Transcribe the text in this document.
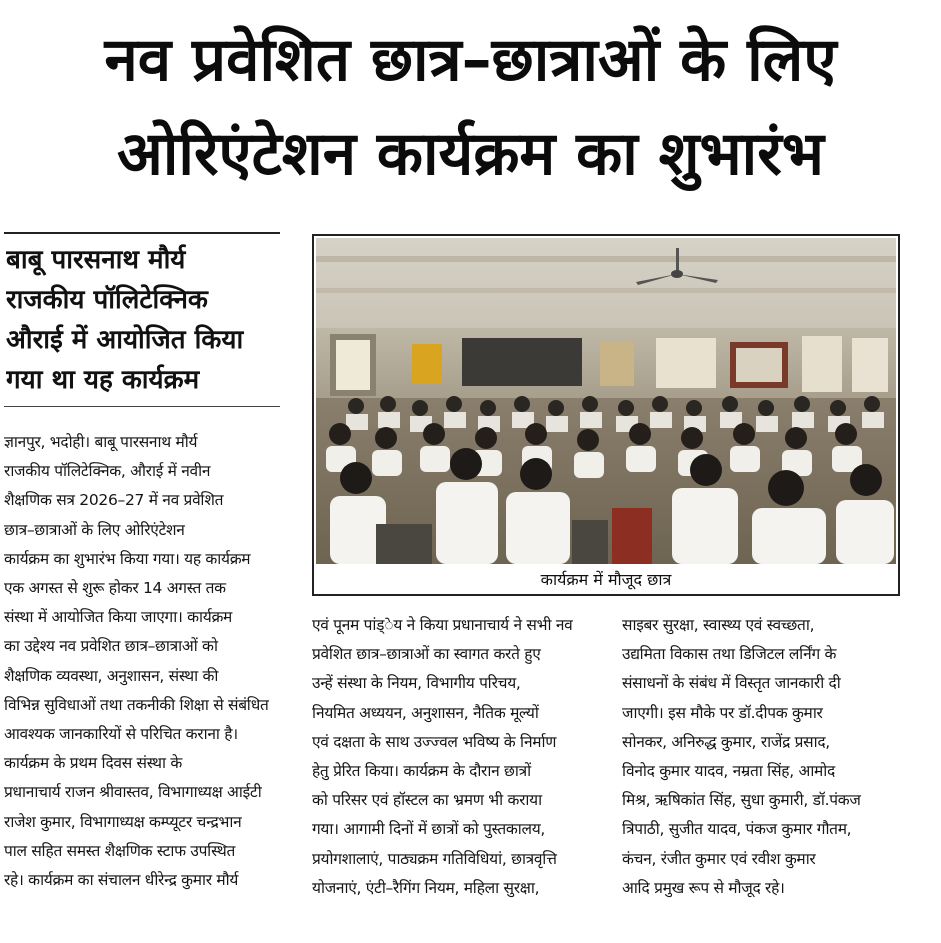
नव प्रवेशित छात्र–छात्राओं के लिए
ओरिएंटेशन कार्यक्रम का शुभारंभ
बाबू पारसनाथ मौर्य
राजकीय पॉलिटेक्निक
औराई में आयोजित किया
गया था यह कार्यक्रम
कार्यक्रम में मौजूद छात्र
ज्ञानपुर, भदोही। बाबू पारसनाथ मौर्य
राजकीय पॉलिटेक्निक, औराई में नवीन
शैक्षणिक सत्र 2026–27 में नव प्रवेशित
छात्र–छात्राओं के लिए ओरिएंटेशन
कार्यक्रम का शुभारंभ किया गया। यह कार्यक्रम
एक अगस्त से शुरू होकर 14 अगस्त तक
संस्था में आयोजित किया जाएगा। कार्यक्रम
का उद्देश्य नव प्रवेशित छात्र–छात्राओं को
शैक्षणिक व्यवस्था, अनुशासन, संस्था की
विभिन्न सुविधाओं तथा तकनीकी शिक्षा से संबंधित
आवश्यक जानकारियों से परिचित कराना है।
कार्यक्रम के प्रथम दिवस संस्था के
प्रधानाचार्य राजन श्रीवास्तव, विभागाध्यक्ष आईटी
राजेश कुमार, विभागाध्यक्ष कम्प्यूटर चन्द्रभान
पाल सहित समस्त शैक्षणिक स्टाफ उपस्थित
रहे। कार्यक्रम का संचालन धीरेन्द्र कुमार मौर्य
एवं पूनम पांड्ेय ने किया प्रधानाचार्य ने सभी नव
प्रवेशित छात्र–छात्राओं का स्वागत करते हुए
उन्हें संस्था के नियम, विभागीय परिचय,
नियमित अध्ययन, अनुशासन, नैतिक मूल्यों
एवं दक्षता के साथ उज्ज्वल भविष्य के निर्माण
हेतु प्रेरित किया। कार्यक्रम के दौरान छात्रों
को परिसर एवं हॉस्टल का भ्रमण भी कराया
गया। आगामी दिनों में छात्रों को पुस्तकालय,
प्रयोगशालाएं, पाठ्यक्रम गतिविधियां, छात्रवृत्ति
योजनाएं, एंटी–रैगिंग नियम, महिला सुरक्षा,
साइबर सुरक्षा, स्वास्थ्य एवं स्वच्छता,
उद्यमिता विकास तथा डिजिटल लर्निंग के
संसाधनों के संबंध में विस्तृत जानकारी दी
जाएगी। इस मौके पर डॉ.दीपक कुमार
सोनकर, अनिरुद्ध कुमार, राजेंद्र प्रसाद,
विनोद कुमार यादव, नम्रता सिंह, आमोद
मिश्र, ऋषिकांत सिंह, सुधा कुमारी, डॉ.पंकज
त्रिपाठी, सुजीत यादव, पंकज कुमार गौतम,
कंचन, रंजीत कुमार एवं रवीश कुमार
आदि प्रमुख रूप से मौजूद रहे।
